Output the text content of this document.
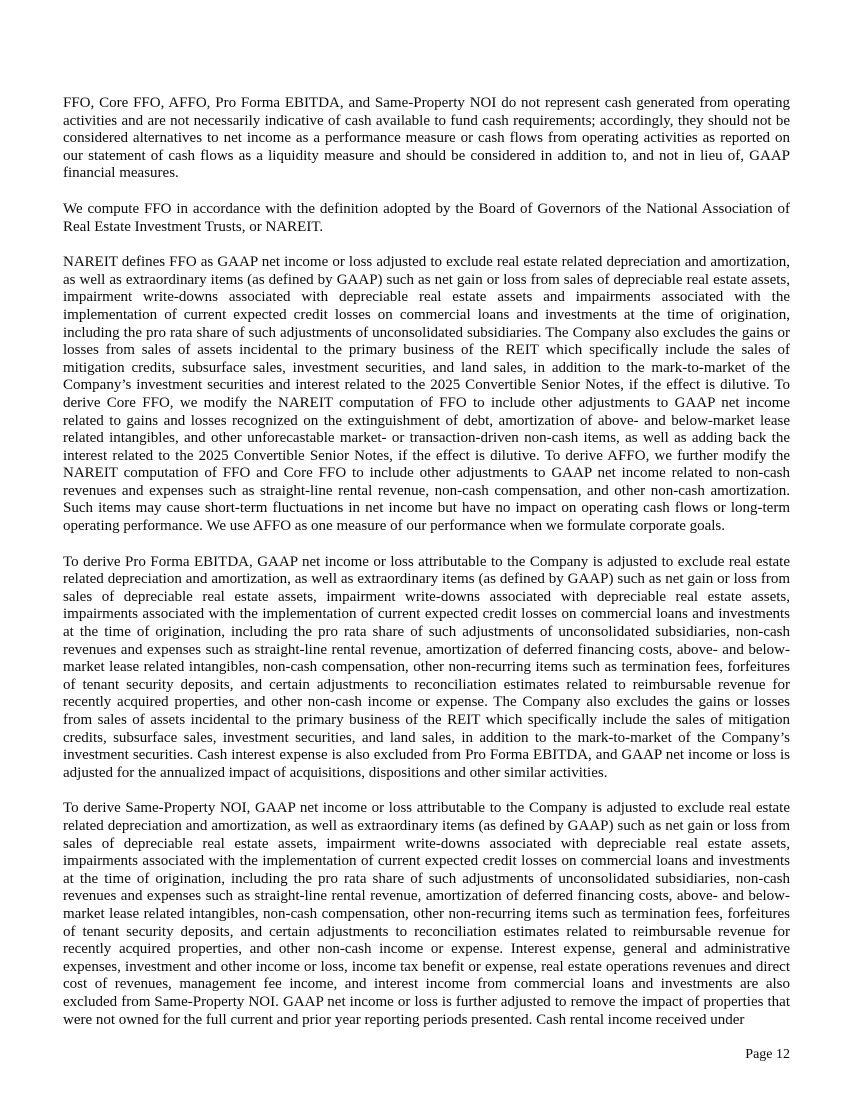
FFO, Core FFO, AFFO, Pro Forma EBITDA, and Same-Property NOI do not represent cash generated from operating activities and are not necessarily indicative of cash available to fund cash requirements; accordingly, they should not be considered alternatives to net income as a performance measure or cash flows from operating activities as reported on our statement of cash flows as a liquidity measure and should be considered in addition to, and not in lieu of, GAAP financial measures.

We compute FFO in accordance with the definition adopted by the Board of Governors of the National Association of Real Estate Investment Trusts, or NAREIT.

NAREIT defines FFO as GAAP net income or loss adjusted to exclude real estate related depreciation and amortization, as well as extraordinary items (as defined by GAAP) such as net gain or loss from sales of depreciable real estate assets, impairment write-downs associated with depreciable real estate assets and impairments associated with the implementation of current expected credit losses on commercial loans and investments at the time of origination, including the pro rata share of such adjustments of unconsolidated subsidiaries. The Company also excludes the gains or losses from sales of assets incidental to the primary business of the REIT which specifically include the sales of mitigation credits, subsurface sales, investment securities, and land sales, in addition to the mark-to-market of the Company’s investment securities and interest related to the 2025 Convertible Senior Notes, if the effect is dilutive. To derive Core FFO, we modify the NAREIT computation of FFO to include other adjustments to GAAP net income related to gains and losses recognized on the extinguishment of debt, amortization of above- and below-market lease related intangibles, and other unforecastable market- or transaction-driven non-cash items, as well as adding back the interest related to the 2025 Convertible Senior Notes, if the effect is dilutive. To derive AFFO, we further modify the NAREIT computation of FFO and Core FFO to include other adjustments to GAAP net income related to non-cash revenues and expenses such as straight-line rental revenue, non-cash compensation, and other non-cash amortization. Such items may cause short-term fluctuations in net income but have no impact on operating cash flows or long-term operating performance. We use AFFO as one measure of our performance when we formulate corporate goals.

To derive Pro Forma EBITDA, GAAP net income or loss attributable to the Company is adjusted to exclude real estate related depreciation and amortization, as well as extraordinary items (as defined by GAAP) such as net gain or loss from sales of depreciable real estate assets, impairment write-downs associated with depreciable real estate assets, impairments associated with the implementation of current expected credit losses on commercial loans and investments at the time of origination, including the pro rata share of such adjustments of unconsolidated subsidiaries, non-cash revenues and expenses such as straight-line rental revenue, amortization of deferred financing costs, above- and below-market lease related intangibles, non-cash compensation, other non-recurring items such as termination fees, forfeitures of tenant security deposits, and certain adjustments to reconciliation estimates related to reimbursable revenue for recently acquired properties, and other non-cash income or expense. The Company also excludes the gains or losses from sales of assets incidental to the primary business of the REIT which specifically include the sales of mitigation credits, subsurface sales, investment securities, and land sales, in addition to the mark-to-market of the Company’s investment securities. Cash interest expense is also excluded from Pro Forma EBITDA, and GAAP net income or loss is adjusted for the annualized impact of acquisitions, dispositions and other similar activities.

To derive Same-Property NOI, GAAP net income or loss attributable to the Company is adjusted to exclude real estate related depreciation and amortization, as well as extraordinary items (as defined by GAAP) such as net gain or loss from sales of depreciable real estate assets, impairment write-downs associated with depreciable real estate assets, impairments associated with the implementation of current expected credit losses on commercial loans and investments at the time of origination, including the pro rata share of such adjustments of unconsolidated subsidiaries, non-cash revenues and expenses such as straight-line rental revenue, amortization of deferred financing costs, above- and below-market lease related intangibles, non-cash compensation, other non-recurring items such as termination fees, forfeitures of tenant security deposits, and certain adjustments to reconciliation estimates related to reimbursable revenue for recently acquired properties, and other non-cash income or expense. Interest expense, general and administrative expenses, investment and other income or loss, income tax benefit or expense, real estate operations revenues and direct cost of revenues, management fee income, and interest income from commercial loans and investments are also excluded from Same-Property NOI. GAAP net income or loss is further adjusted to remove the impact of properties that were not owned for the full current and prior year reporting periods presented. Cash rental income received under

Page 12
